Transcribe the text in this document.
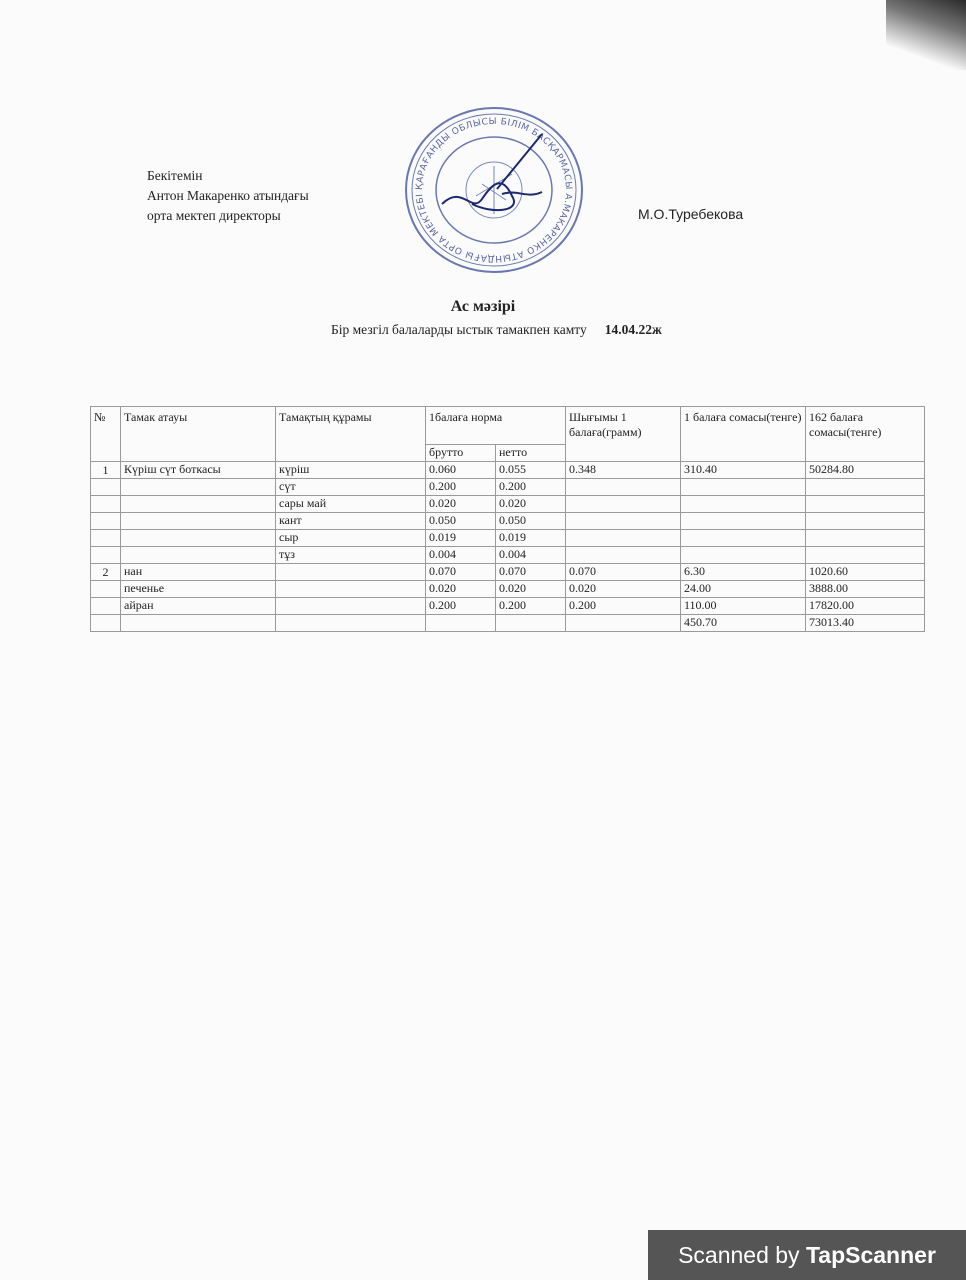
Бекітемін
Антон Макаренко атындағы
орта мектеп директоры	М.О.Туребекова
ҚАРАҒАНДЫ ОБЛЫСЫ БІЛІМ БАСҚАРМАСЫ А.МАКАРЕНКО АТЫНДАҒЫ ОРТА МЕКТЕБІ
Ас мәзірі
Бір мезгіл балаларды ыстык тамакпен камту 14.04.22ж
№	Тамак атауы	Тамақтың құрамы	1балаға норма		Шығымы 1 балаға(грамм)	1 балаға сомасы(тенге)	162 балаға сомасы(тенге)
			брутто	нетто			
1	Күріш сүт боткасы	күріш	0.060	0.055	0.348	310.40	50284.80
		сүт	0.200	0.200			
		сары май	0.020	0.020			
		кант	0.050	0.050			
		сыр	0.019	0.019			
		тұз	0.004	0.004			
2	нан		0.070	0.070	0.070	6.30	1020.60
	печенье		0.020	0.020	0.020	24.00	3888.00
	айран		0.200	0.200	0.200	110.00	17820.00
						450.70	73013.40
Scanned by TapScanner
